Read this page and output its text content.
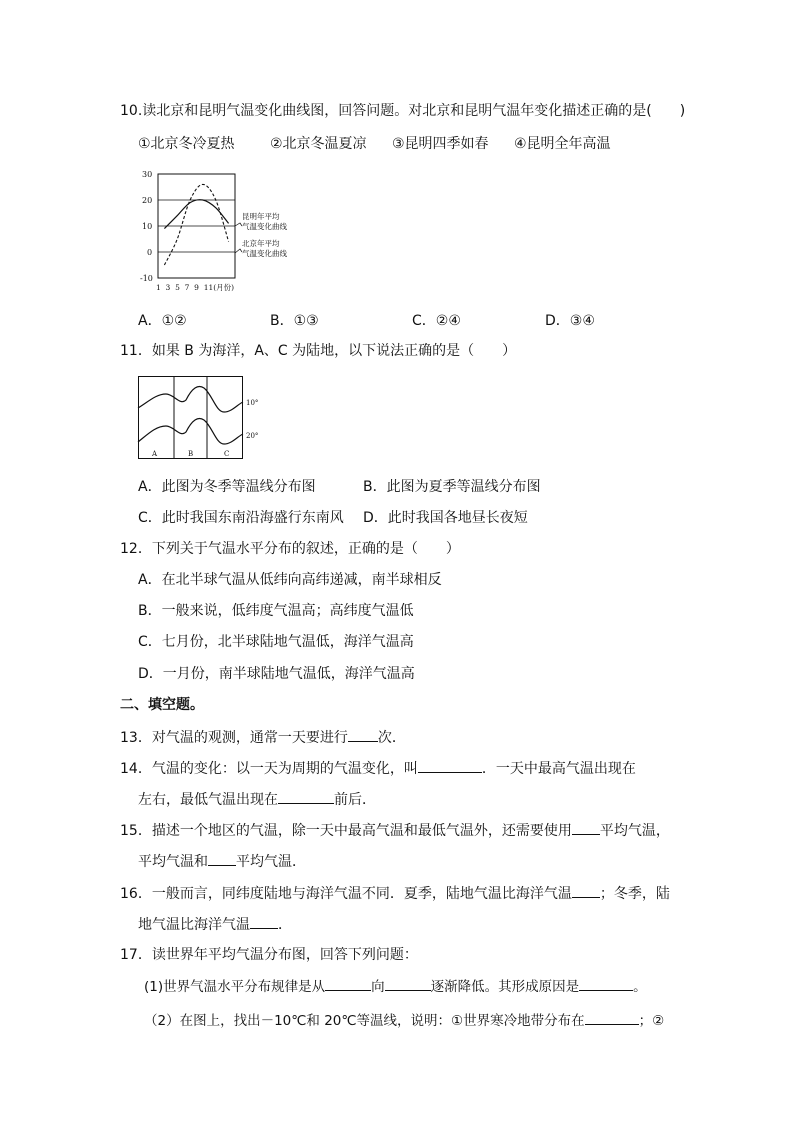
10.读北京和昆明气温变化曲线图，回答问题。对北京和昆明气温年变化描述正确的是(　　)
①北京冬冷夏热	②北京冬温夏凉 ③昆明四季如春 ④昆明全年高温
30
20
10
0
-10
1  3  5  7  9  11(月份)
昆明年平均
气温变化曲线
北京年平均
气温变化曲线
A．①②	B．①③	C．②④	D．③④
11．如果 B 为海洋，A、C 为陆地，以下说法正确的是（　　）
10°
20°
A	B	C
A．此图为冬季等温线分布图	B．此图为夏季等温线分布图
C．此时我国东南沿海盛行东南风 D．此时我国各地昼长夜短
12．下列关于气温水平分布的叙述，正确的是（　　）
A．在北半球气温从低纬向高纬递减，南半球相反
B．一般来说，低纬度气温高；高纬度气温低
C．七月份，北半球陆地气温低，海洋气温高
D．一月份，南半球陆地气温低，海洋气温高
二、填空题。
13．对气温的观测，通常一天要进行 次．
14．气温的变化：以一天为周期的气温变化，叫	．一天中最高气温出现在
左右，最低气温出现在	前后．
15．描述一个地区的气温，除一天中最高气温和最低气温外，还需要使用 平均气温，
平均气温和 平均气温．
16．一般而言，同纬度陆地与海洋气温不同．夏季，陆地气温比海洋气温 ；冬季，陆
地气温比海洋气温 ．
17．读世界年平均气温分布图，回答下列问题：
(1)世界气温水平分布规律是从	向	逐渐降低。其形成原因是	。
（2）在图上，找出－10℃和 20℃等温线，说明：①世界寒冷地带分布在	；②
